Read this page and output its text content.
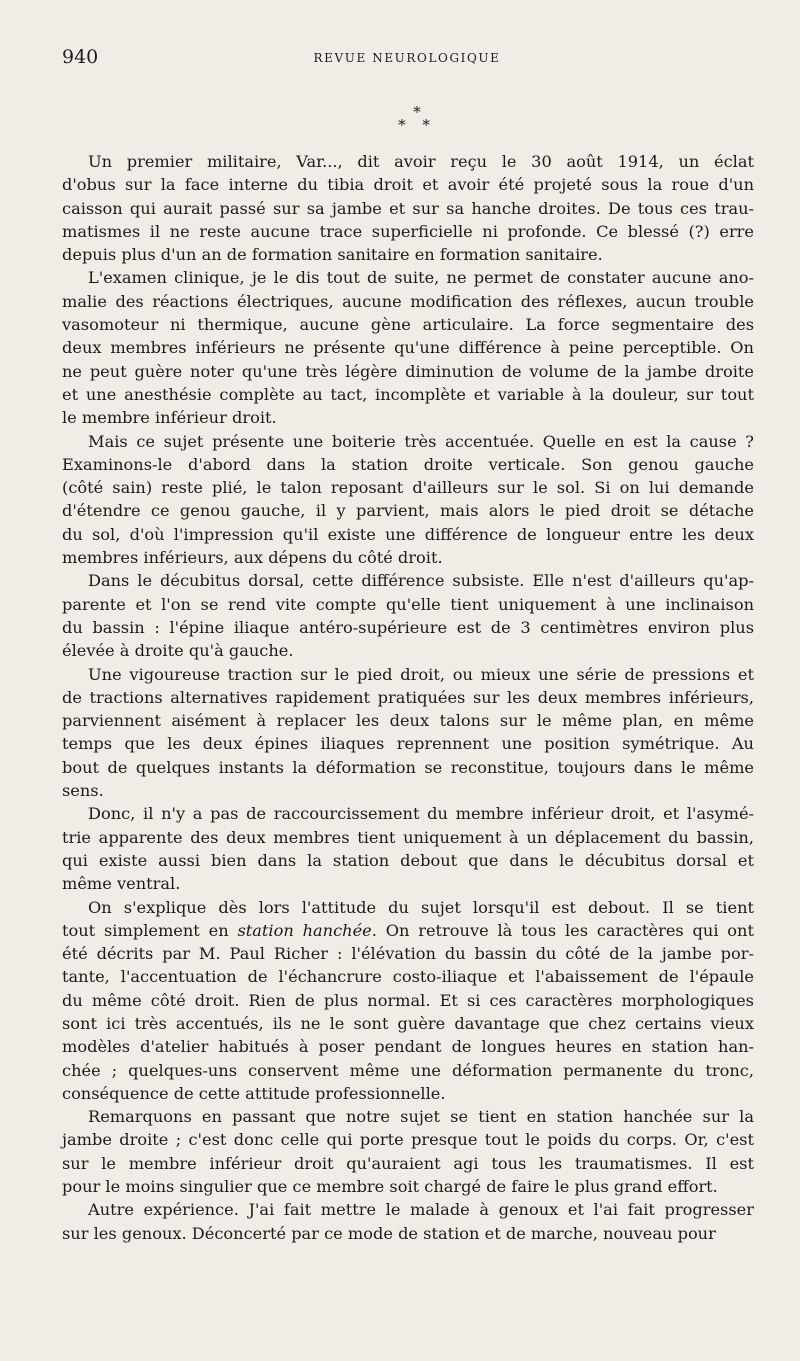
940	REVUE NEUROLOGIQUE
*
* *
Un premier militaire, Var..., dit avoir reçu le 30 août 1914, un éclat
d'obus sur la face interne du tibia droit et avoir été projeté sous la roue d'un
caisson qui aurait passé sur sa jambe et sur sa hanche droites. De tous ces trau-
matismes il ne reste aucune trace superficielle ni profonde. Ce blessé (?) erre
depuis plus d'un an de formation sanitaire en formation sanitaire.
L'examen clinique, je le dis tout de suite, ne permet de constater aucune ano-
malie des réactions électriques, aucune modification des réflexes, aucun trouble
vasomoteur ni thermique, aucune gène articulaire. La force segmentaire des
deux membres inférieurs ne présente qu'une différence à peine perceptible. On
ne peut guère noter qu'une très légère diminution de volume de la jambe droite
et une anesthésie complète au tact, incomplète et variable à la douleur, sur tout
le membre inférieur droit.
Mais ce sujet présente une boiterie très accentuée. Quelle en est la cause ?
Examinons-le d'abord dans la station droite verticale. Son genou gauche
(côté sain) reste plié, le talon reposant d'ailleurs sur le sol. Si on lui demande
d'étendre ce genou gauche, il y parvient, mais alors le pied droit se détache
du sol, d'où l'impression qu'il existe une différence de longueur entre les deux
membres inférieurs, aux dépens du côté droit.
Dans le décubitus dorsal, cette différence subsiste. Elle n'est d'ailleurs qu'ap-
parente et l'on se rend vite compte qu'elle tient uniquement à une inclinaison
du bassin : l'épine iliaque antéro-supérieure est de 3 centimètres environ plus
élevée à droite qu'à gauche.
Une vigoureuse traction sur le pied droit, ou mieux une série de pressions et
de tractions alternatives rapidement pratiquées sur les deux membres inférieurs,
parviennent aisément à replacer les deux talons sur le même plan, en même
temps que les deux épines iliaques reprennent une position symétrique. Au
bout de quelques instants la déformation se reconstitue, toujours dans le même
sens.
Donc, il n'y a pas de raccourcissement du membre inférieur droit, et l'asymé-
trie apparente des deux membres tient uniquement à un déplacement du bassin,
qui existe aussi bien dans la station debout que dans le décubitus dorsal et
même ventral.
On s'explique dès lors l'attitude du sujet lorsqu'il est debout. Il se tient
tout simplement en station hanchée. On retrouve là tous les caractères qui ont
été décrits par M. Paul Richer : l'élévation du bassin du côté de la jambe por-
tante, l'accentuation de l'échancrure costo-iliaque et l'abaissement de l'épaule
du même côté droit. Rien de plus normal. Et si ces caractères morphologiques
sont ici très accentués, ils ne le sont guère davantage que chez certains vieux
modèles d'atelier habitués à poser pendant de longues heures en station han-
chée ; quelques-uns conservent même une déformation permanente du tronc,
conséquence de cette attitude professionnelle.
Remarquons en passant que notre sujet se tient en station hanchée sur la
jambe droite ; c'est donc celle qui porte presque tout le poids du corps. Or, c'est
sur le membre inférieur droit qu'auraient agi tous les traumatismes. Il est
pour le moins singulier que ce membre soit chargé de faire le plus grand effort.
Autre expérience. J'ai fait mettre le malade à genoux et l'ai fait progresser
sur les genoux. Déconcerté par ce mode de station et de marche, nouveau pour
